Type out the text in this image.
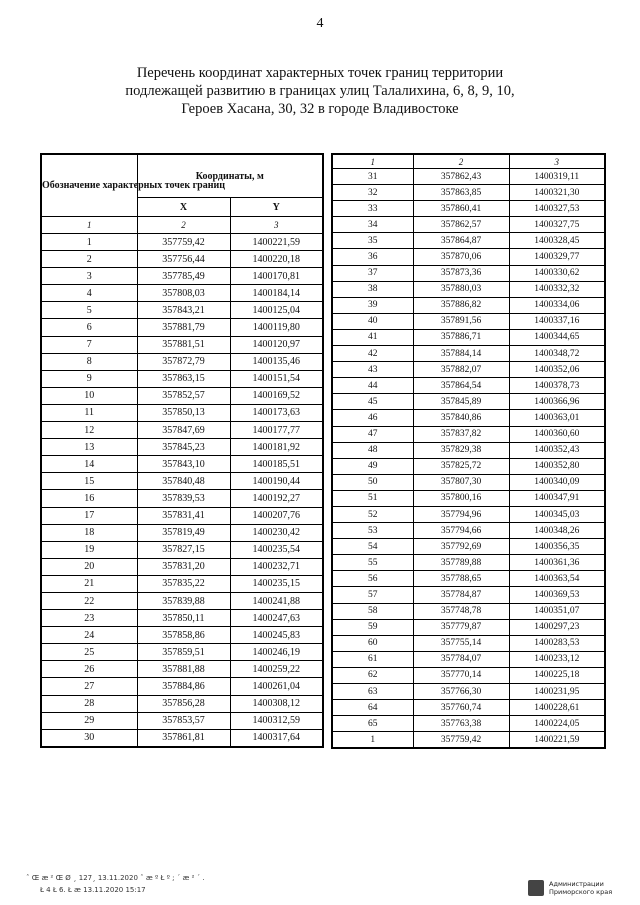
4
Перечень координат характерных точек границ территории
подлежащей развитию в границах улиц Талалихина, 6, 8, 9, 10,
Героев Хасана, 30, 32 в городе Владивостоке
Обозначение характерных точек границ	Координаты, м	
	X	Y
1	2	3
1	357759,42	1400221,59
2	357756,44	1400220,18
3	357785,49	1400170,81
4	357808,03	1400184,14
5	357843,21	1400125,04
6	357881,79	1400119,80
7	357881,51	1400120,97
8	357872,79	1400135,46
9	357863,15	1400151,54
10	357852,57	1400169,52
11	357850,13	1400173,63
12	357847,69	1400177,77
13	357845,23	1400181,92
14	357843,10	1400185,51
15	357840,48	1400190,44
16	357839,53	1400192,27
17	357831,41	1400207,76
18	357819,49	1400230,42
19	357827,15	1400235,54
20	357831,20	1400232,71
21	357835,22	1400235,15
22	357839,88	1400241,88
23	357850,11	1400247,63
24	357858,86	1400245,83
25	357859,51	1400246,19
26	357881,88	1400259,22
27	357884,86	1400261,04
28	357856,28	1400308,12
29	357853,57	1400312,59
30	357861,81	1400317,64
1	2	3
31	357862,43	1400319,11
32	357863,85	1400321,30
33	357860,41	1400327,53
34	357862,57	1400327,75
35	357864,87	1400328,45
36	357870,06	1400329,77
37	357873,36	1400330,62
38	357880,03	1400332,32
39	357886,82	1400334,06
40	357891,56	1400337,16
41	357886,71	1400344,65
42	357884,14	1400348,72
43	357882,07	1400352,06
44	357864,54	1400378,73
45	357845,89	1400366,96
46	357840,86	1400363,01
47	357837,82	1400360,60
48	357829,38	1400352,43
49	357825,72	1400352,80
50	357807,30	1400340,09
51	357800,16	1400347,91
52	357794,96	1400345,03
53	357794,66	1400348,26
54	357792,69	1400356,35
55	357789,88	1400361,36
56	357788,65	1400363,54
57	357784,87	1400369,53
58	357748,78	1400351,07
59	357779,87	1400297,23
60	357755,14	1400283,53
61	357784,07	1400233,12
62	357770,14	1400225,18
63	357766,30	1400231,95
64	357760,74	1400228,61
65	357763,38	1400224,05
1	357759,42	1400221,59
ˆ Œ æ ² Œ Ø ¸ 127¸ 13.11.2020 ˆ æ º Ł º ; ´ æ ² ´ .
Ł 4 Ł 6. Ł æ 13.11.2020 15:17
Администрации
Приморского края
